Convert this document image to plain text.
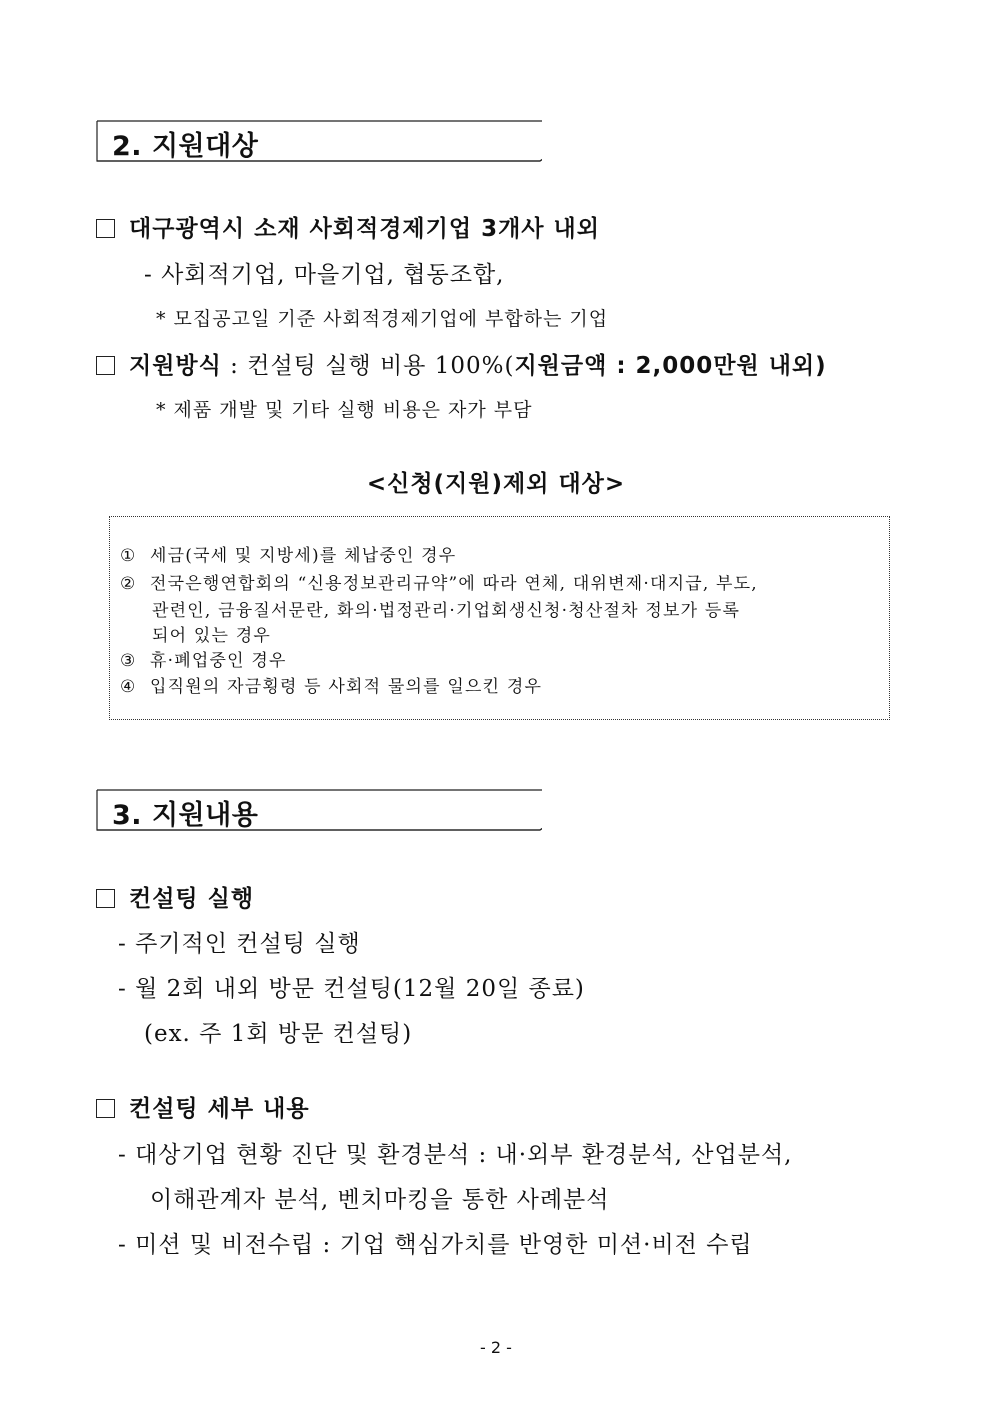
2. 지원대상
대구광역시 소재 사회적경제기업 3개사 내외
- 사회적기업, 마을기업, 협동조합,
* 모집공고일 기준 사회적경제기업에 부합하는 기업
지원방식 : 컨설팅 실행 비용 100%(지원금액 : 2,000만원 내외)
* 제품 개발 및 기타 실행 비용은 자가 부담
<신청(지원)제외 대상>
① 세금(국세 및 지방세)를 체납중인 경우
② 전국은행연합회의 “신용정보관리규약”에 따라 연체, 대위변제·대지급, 부도,
관련인, 금융질서문란, 화의·법정관리·기업회생신청·청산절차 정보가 등록
되어 있는 경우
③ 휴·폐업중인 경우
④ 입직원의 자금횡령 등 사회적 물의를 일으킨 경우
3. 지원내용
컨설팅 실행
- 주기적인 컨설팅 실행
- 월 2회 내외 방문 컨설팅(12월 20일 종료)
(ex. 주 1회 방문 컨설팅)
컨설팅 세부 내용
- 대상기업 현황 진단 및 환경분석 : 내·외부 환경분석, 산업분석,
이해관계자 분석, 벤치마킹을 통한 사례분석
- 미션 및 비전수립 : 기업 핵심가치를 반영한 미션·비전 수립
- 2 -
